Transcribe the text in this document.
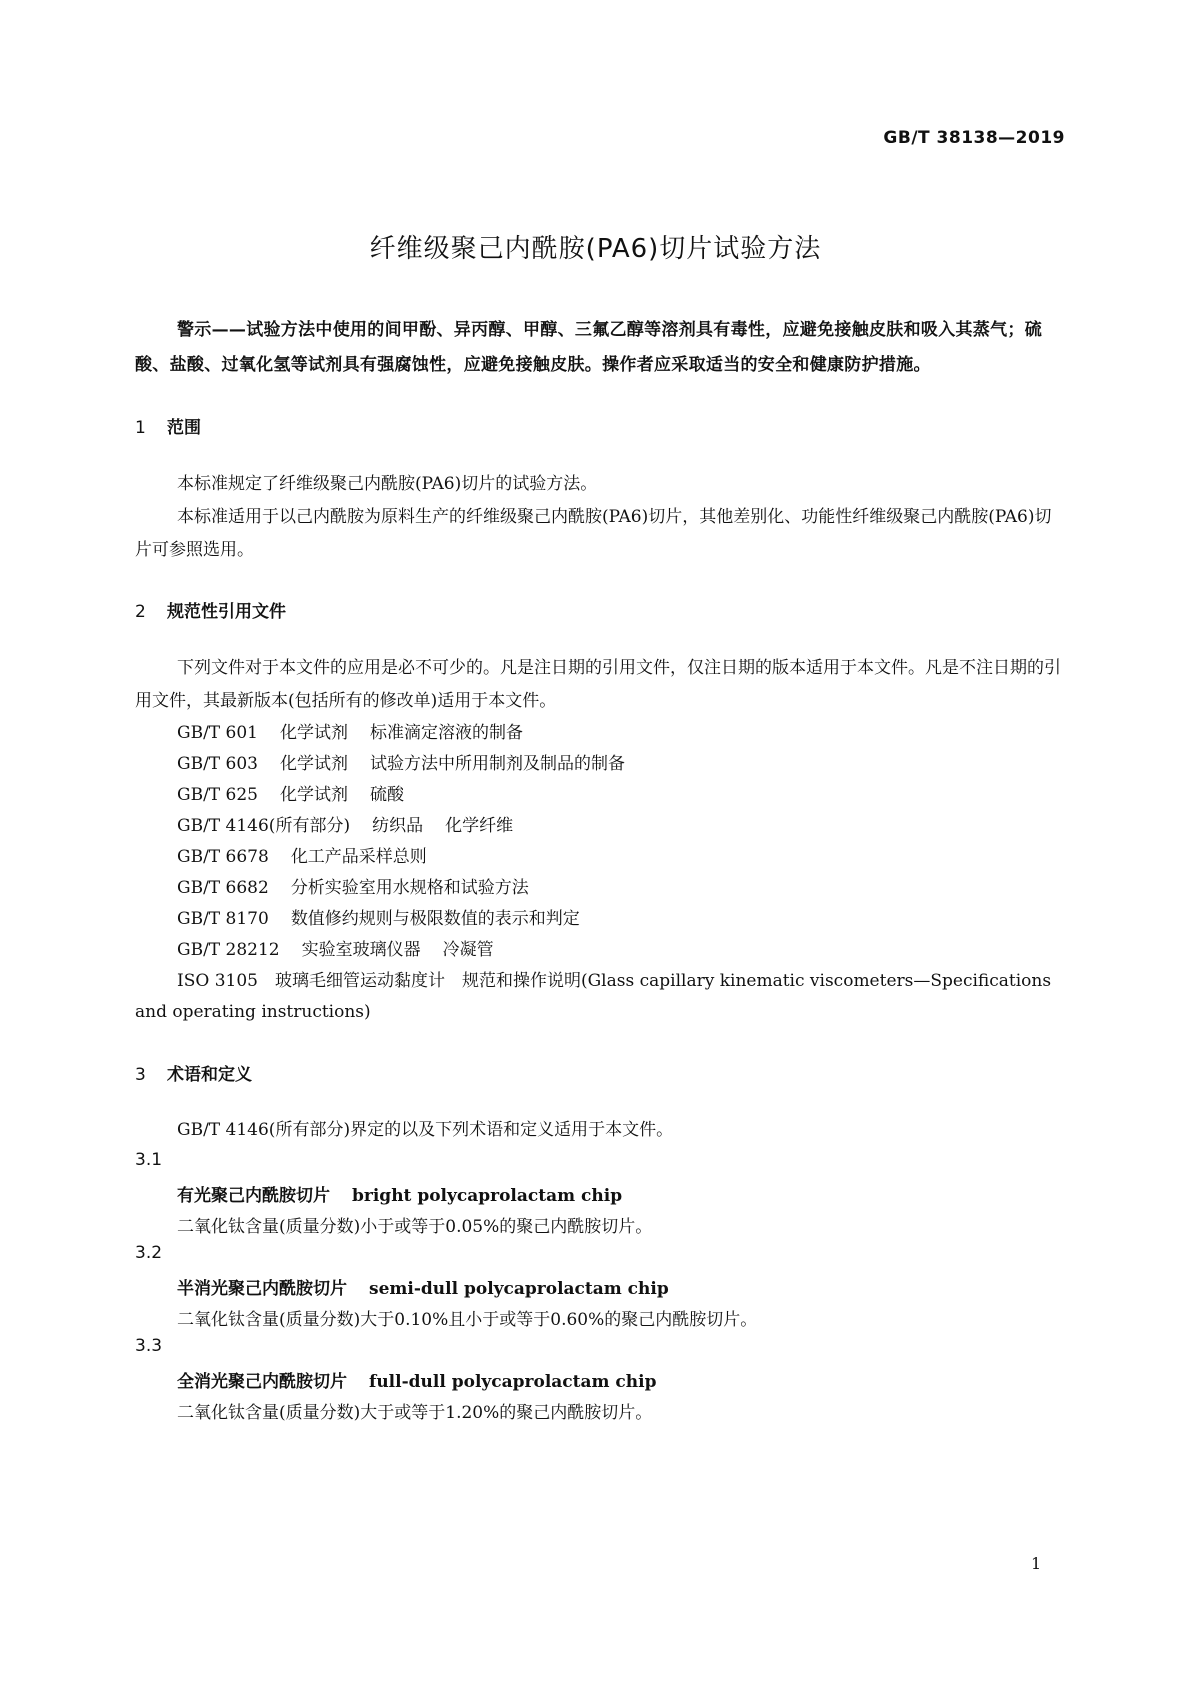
GB/T 38138—2019
纤维级聚己内酰胺(PA6)切片试验方法
警示——试验方法中使用的间甲酚、异丙醇、甲醇、三氟乙醇等溶剂具有毒性，应避免接触皮肤和吸入其蒸气；硫酸、盐酸、过氧化氢等试剂具有强腐蚀性，应避免接触皮肤。操作者应采取适当的安全和健康防护措施。
1 范围
本标准规定了纤维级聚己内酰胺(PA6)切片的试验方法。
本标准适用于以己内酰胺为原料生产的纤维级聚己内酰胺(PA6)切片，其他差别化、功能性纤维级聚己内酰胺(PA6)切片可参照选用。
2 规范性引用文件
下列文件对于本文件的应用是必不可少的。凡是注日期的引用文件，仅注日期的版本适用于本文件。凡是不注日期的引用文件，其最新版本(包括所有的修改单)适用于本文件。
GB/T 601 化学试剂 标准滴定溶液的制备
GB/T 603 化学试剂 试验方法中所用制剂及制品的制备
GB/T 625 化学试剂 硫酸
GB/T 4146(所有部分) 纺织品 化学纤维
GB/T 6678 化工产品采样总则
GB/T 6682 分析实验室用水规格和试验方法
GB/T 8170 数值修约规则与极限数值的表示和判定
GB/T 28212 实验室玻璃仪器 冷凝管
ISO 3105　玻璃毛细管运动黏度计　规范和操作说明(Glass capillary kinematic viscometers—Specifications and operating instructions)
3 术语和定义
GB/T 4146(所有部分)界定的以及下列术语和定义适用于本文件。
3.1
有光聚己内酰胺切片 bright polycaprolactam chip
二氧化钛含量(质量分数)小于或等于0.05%的聚己内酰胺切片。
3.2
半消光聚己内酰胺切片 semi-dull polycaprolactam chip
二氧化钛含量(质量分数)大于0.10%且小于或等于0.60%的聚己内酰胺切片。
3.3
全消光聚己内酰胺切片 full-dull polycaprolactam chip
二氧化钛含量(质量分数)大于或等于1.20%的聚己内酰胺切片。
1
